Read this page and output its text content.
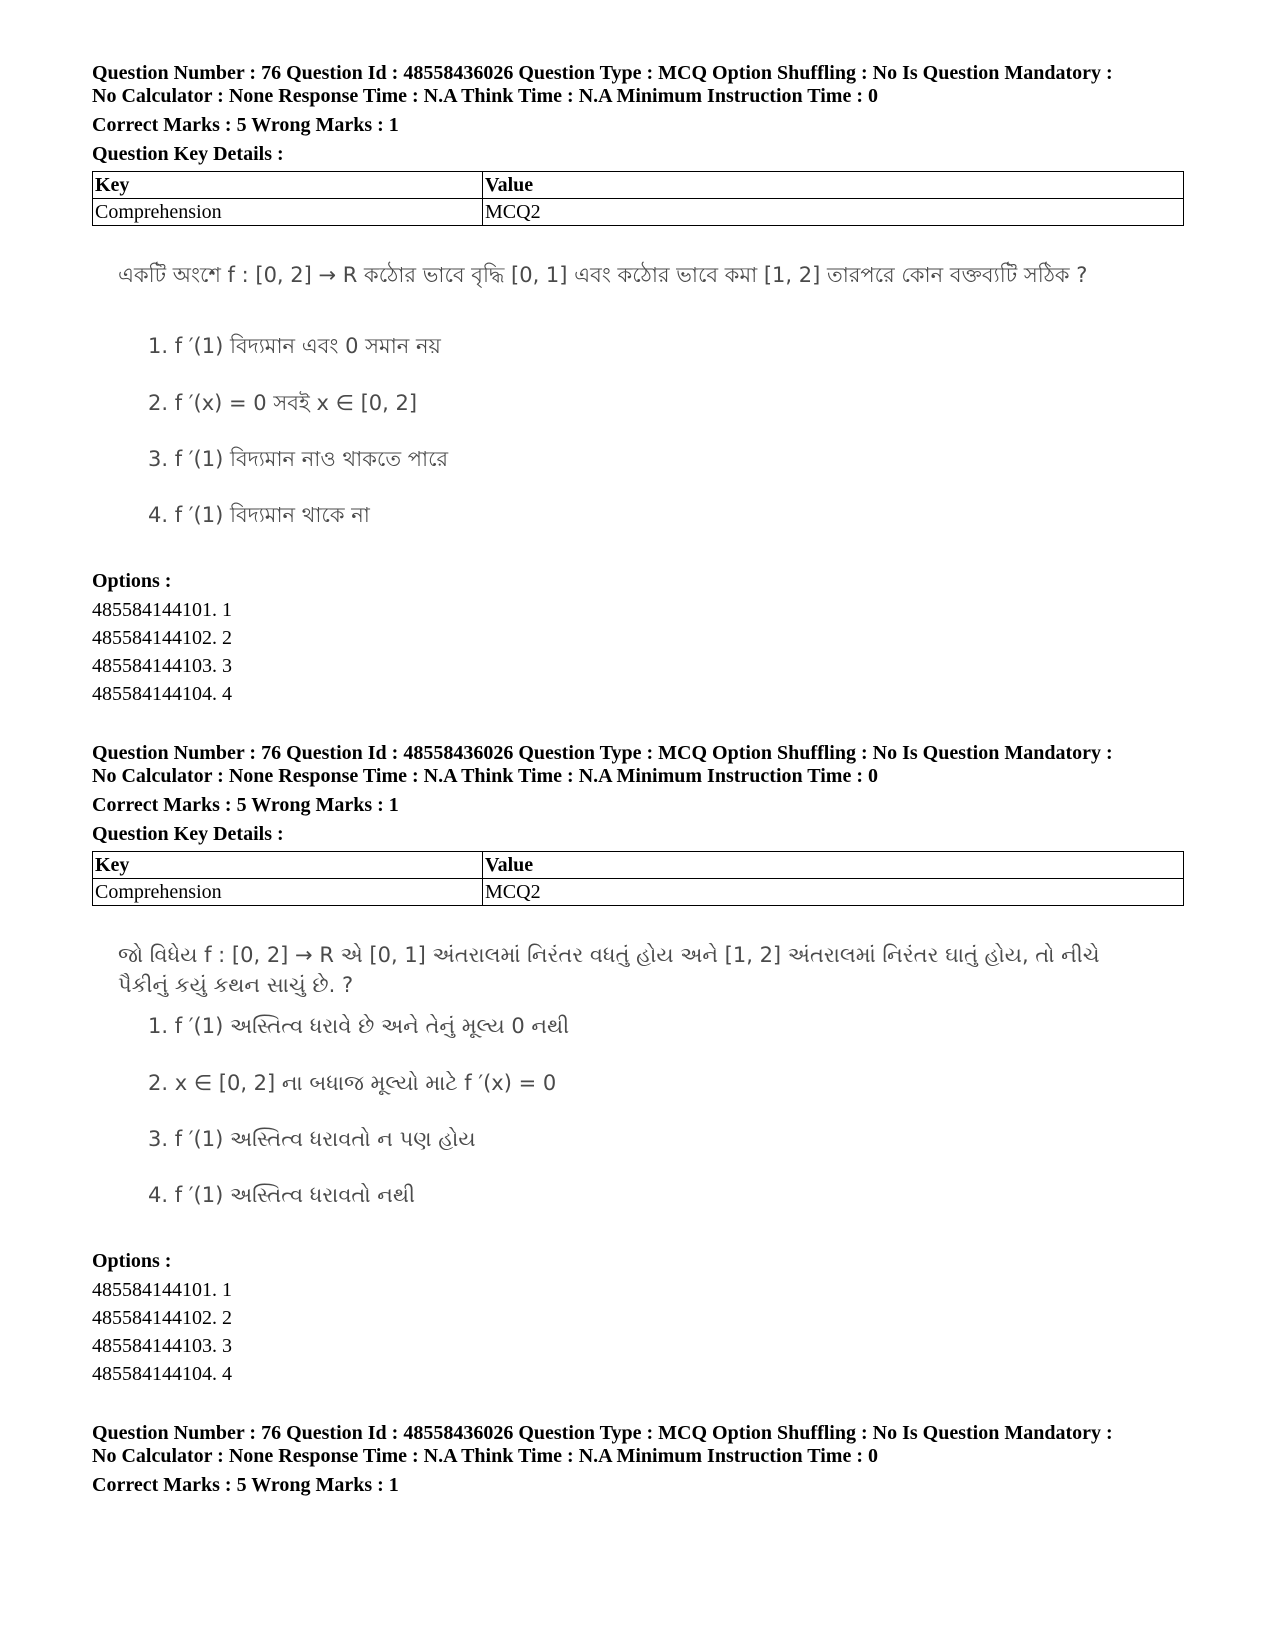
Question Number : 76 Question Id : 48558436026 Question Type : MCQ Option Shuffling : No Is Question Mandatory :
No Calculator : None Response Time : N.A Think Time : N.A Minimum Instruction Time : 0
Correct Marks : 5 Wrong Marks : 1
Question Key Details :
Key	Value
Comprehension	MCQ2
একটি অংশে f : [0, 2] → R কঠোর ভাবে বৃদ্ধি [0, 1] এবং কঠোর ভাবে কমা [1, 2] তারপরে কোন বক্তব্যটি সঠিক ?
1. f ′(1) বিদ্যমান এবং 0 সমান নয়
2. f ′(x) = 0 সবই x ∈ [0, 2]
3. f ′(1) বিদ্যমান নাও থাকতে পারে
4. f ′(1) বিদ্যমান থাকে না
Options :
485584144101. 1
485584144102. 2
485584144103. 3
485584144104. 4
Question Number : 76 Question Id : 48558436026 Question Type : MCQ Option Shuffling : No Is Question Mandatory :
No Calculator : None Response Time : N.A Think Time : N.A Minimum Instruction Time : 0
Correct Marks : 5 Wrong Marks : 1
Question Key Details :
Key	Value
Comprehension	MCQ2
જો વિધેય f : [0, 2] → R એ [0, 1] અંતરાલમાં નિરંતર વધતું હોય અને [1, 2] અંતરાલમાં નિરંતર ઘાતું હોય, તો નીચે પૈકીનું કયું કથન સાચું છે. ?
1. f ′(1) અસ્તિત્વ ધરાવે છે અને તેનું મૂલ્ય 0 નથી
2. x ∈ [0, 2] ના બધાજ મૂલ્યો માટે f ′(x) = 0
3. f ′(1) અસ્તિત્વ ધરાવતો ન પણ હોય
4. f ′(1) અસ્તિત્વ ધરાવતો નથી
Options :
485584144101. 1
485584144102. 2
485584144103. 3
485584144104. 4
Question Number : 76 Question Id : 48558436026 Question Type : MCQ Option Shuffling : No Is Question Mandatory :
No Calculator : None Response Time : N.A Think Time : N.A Minimum Instruction Time : 0
Correct Marks : 5 Wrong Marks : 1
